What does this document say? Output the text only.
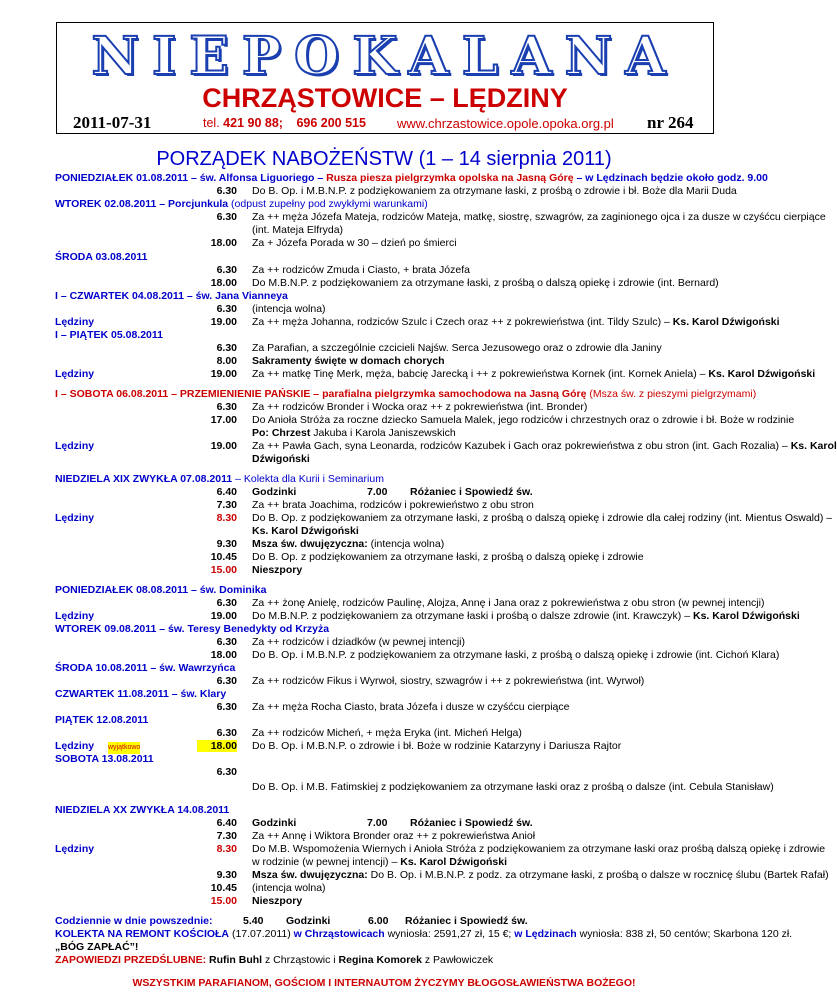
NIEPOKALANA
CHRZĄSTOWICE – LĘDZINY
2011-07-31	tel. 421 90 88; 696 200 515 www.chrzastowice.opole.opoka.org.pl nr 264
PORZĄDEK NABOŻEŃSTW (1 – 14 sierpnia 2011)
PONIEDZIAŁEK 01.08.2011 – św. Alfonsa Liguoriego – Rusza piesza pielgrzymka opolska na Jasną Górę – w Lędzinach będzie około godz. 9.00
6.30 Do B. Op. i M.B.N.P. z podziękowaniem za otrzymane łaski, z prośbą o zdrowie i bł. Boże dla Marii Duda
WTOREK 02.08.2011 – Porcjunkula (odpust zupełny pod zwykłymi warunkami)
6.30 Za ++ męża Józefa Mateja, rodziców Mateja, matkę, siostrę, szwagrów, za zaginionego ojca i za dusze w czyśćcu cierpiące
(int. Mateja Elfryda)
18.00 Za + Józefa Porada w 30 – dzień po śmierci
ŚRODA 03.08.2011
6.30 Za ++ rodziców Zmuda i Ciasto, + brata Józefa
18.00 Do M.B.N.P. z podziękowaniem za otrzymane łaski, z prośbą o dalszą opiekę i zdrowie (int. Bernard)
I – CZWARTEK 04.08.2011 – św. Jana Vianneya
6.30 (intencja wolna)
Lędziny	19.00 Za ++ męża Johanna, rodziców Szulc i Czech oraz ++ z pokrewieństwa (int. Tildy Szulc) – Ks. Karol Dźwigoński
I – PIĄTEK 05.08.2011
6.30 Za Parafian, a szczególnie czcicieli Najśw. Serca Jezusowego oraz o zdrowie dla Janiny
8.00 Sakramenty święte w domach chorych
Lędziny	19.00 Za ++ matkę Tinę Merk, męża, babcię Jarecką i ++ z pokrewieństwa Kornek (int. Kornek Aniela) – Ks. Karol Dźwigoński
I – SOBOTA 06.08.2011 – PRZEMIENIENIE PAŃSKIE – parafialna pielgrzymka samochodowa na Jasną Górę (Msza św. z pieszymi pielgrzymami)
6.30 Za ++ rodziców Bronder i Wocka oraz ++ z pokrewieństwa (int. Bronder)
17.00 Do Anioła Stróża za roczne dziecko Samuela Malek, jego rodziców i chrzestnych oraz o zdrowie i bł. Boże w rodzinie
Po: Chrzest Jakuba i Karola Janiszewskich
Lędziny	19.00 Za ++ Pawła Gach, syna Leonarda, rodziców Kazubek i Gach oraz pokrewieństwa z obu stron (int. Gach Rozalia) – Ks. Karol
Dźwigoński
NIEDZIELA XIX ZWYKŁA 07.08.2011 – Kolekta dla Kurii i Seminarium
6.40 Godzinki	7.00 Różaniec i Spowiedź św.
7.30 Za ++ brata Joachima, rodziców i pokrewieństwo z obu stron
Lędziny	8.30 Do B. Op. z podziękowaniem za otrzymane łaski, z prośbą o dalszą opiekę i zdrowie dla całej rodziny (int. Mientus Oswald) –
Ks. Karol Dźwigoński
9.30 Msza św. dwujęzyczna: (intencja wolna)
10.45 Do B. Op. z podziękowaniem za otrzymane łaski, z prośbą o dalszą opiekę i zdrowie
15.00 Nieszpory
PONIEDZIAŁEK 08.08.2011 – św. Dominika
6.30 Za ++ żonę Anielę, rodziców Paulinę, Alojza, Annę i Jana oraz z pokrewieństwa z obu stron (w pewnej intencji)
Lędziny	19.00 Do M.B.N.P. z podziękowaniem za otrzymane łaski i prośbą o dalsze zdrowie (int. Krawczyk) – Ks. Karol Dźwigoński
WTOREK 09.08.2011 – św. Teresy Benedykty od Krzyża
6.30 Za ++ rodziców i dziadków (w pewnej intencji)
18.00 Do B. Op. i M.B.N.P. z podziękowaniem za otrzymane łaski, z prośbą o dalszą opiekę i zdrowie (int. Cichoń Klara)
ŚRODA 10.08.2011 – św. Wawrzyńca
6.30 Za ++ rodziców Fikus i Wyrwoł, siostry, szwagrów i ++ z pokrewieństwa (int. Wyrwoł)
CZWARTEK 11.08.2011 – św. Klary
6.30 Za ++ męża Rocha Ciasto, brata Józefa i dusze w czyśćcu cierpiące
PIĄTEK 12.08.2011
6.30 Za ++ rodziców Micheń, + męża Eryka (int. Micheń Helga)
Lędziny wyjątkowo	18.00 Do B. Op. i M.B.N.P. o zdrowie i bł. Boże w rodzinie Katarzyny i Dariusza Rajtor
SOBOTA 13.08.2011
6.30
Do B. Op. i M.B. Fatimskiej z podziękowaniem za otrzymane łaski oraz z prośbą o dalsze (int. Cebula Stanisław)
NIEDZIELA XX ZWYKŁA 14.08.2011
6.40 Godzinki	7.00 Różaniec i Spowiedź św.
7.30 Za ++ Annę i Wiktora Bronder oraz ++ z pokrewieństwa Anioł
Lędziny	8.30 Do M.B. Wspomożenia Wiernych i Anioła Stróża z podziękowaniem za otrzymane łaski oraz prośbą dalszą opiekę i zdrowie
w rodzinie (w pewnej intencji) – Ks. Karol Dźwigoński
9.30 Msza św. dwujęzyczna: Do B. Op. i M.B.N.P. z podz. za otrzymane łaski, z prośbą o dalsze w rocznicę ślubu (Bartek Rafał)
10.45 (intencja wolna)
15.00 Nieszpory
Codziennie w dnie powszednie:	5.40 Godzinki	6.00 Różaniec i Spowiedź św.
KOLEKTA NA REMONT KOŚCIOŁA (17.07.2011) w Chrząstowicach wyniosła: 2591,27 zł, 15 €; w Lędzinach wyniosła: 838 zł, 50 centów; Skarbona 120 zł.
„BÓG ZAPŁAĆ”!
ZAPOWIEDZI PRZEDŚLUBNE: Rufin Buhl z Chrząstowic i Regina Komorek z Pawłowiczek
WSZYSTKIM PARAFIANOM, GOŚCIOM I INTERNAUTOM ŻYCZYMY BŁOGOSŁAWIEŃSTWA BOŻEGO!
